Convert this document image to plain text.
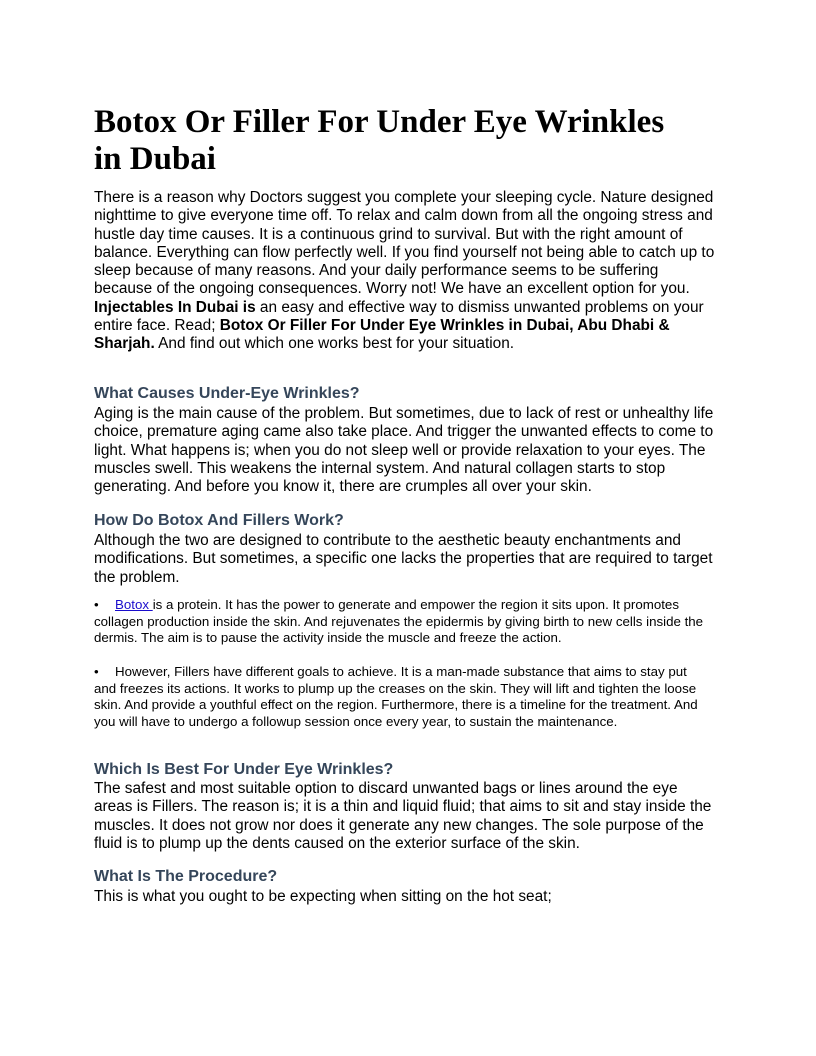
Botox Or Filler For Under Eye Wrinkles in Dubai

There is a reason why Doctors suggest you complete your sleeping cycle. Nature designed nighttime to give everyone time off. To relax and calm down from all the ongoing stress and hustle day time causes. It is a continuous grind to survival. But with the right amount of balance. Everything can flow perfectly well. If you find yourself not being able to catch up to sleep because of many reasons. And your daily performance seems to be suffering because of the ongoing consequences. Worry not! We have an excellent option for you. Injectables In Dubai is an easy and effective way to dismiss unwanted problems on your entire face. Read; Botox Or Filler For Under Eye Wrinkles in Dubai, Abu Dhabi & Sharjah. And find out which one works best for your situation.

What Causes Under-Eye Wrinkles?

Aging is the main cause of the problem. But sometimes, due to lack of rest or unhealthy life choice, premature aging came also take place. And trigger the unwanted effects to come to light. What happens is; when you do not sleep well or provide relaxation to your eyes. The muscles swell. This weakens the internal system. And natural collagen starts to stop generating. And before you know it, there are crumples all over your skin.

How Do Botox And Fillers Work?

Although the two are designed to contribute to the aesthetic beauty enchantments and modifications. But sometimes, a specific one lacks the properties that are required to target the problem.

• Botox is a protein. It has the power to generate and empower the region it sits upon. It promotes collagen production inside the skin. And rejuvenates the epidermis by giving birth to new cells inside the dermis. The aim is to pause the activity inside the muscle and freeze the action.

• However, Fillers have different goals to achieve. It is a man-made substance that aims to stay put and freezes its actions. It works to plump up the creases on the skin. They will lift and tighten the loose skin. And provide a youthful effect on the region. Furthermore, there is a timeline for the treatment. And you will have to undergo a followup session once every year, to sustain the maintenance.

Which Is Best For Under Eye Wrinkles?

The safest and most suitable option to discard unwanted bags or lines around the eye areas is Fillers. The reason is; it is a thin and liquid fluid; that aims to sit and stay inside the muscles. It does not grow nor does it generate any new changes. The sole purpose of the fluid is to plump up the dents caused on the exterior surface of the skin.

What Is The Procedure?

This is what you ought to be expecting when sitting on the hot seat;
